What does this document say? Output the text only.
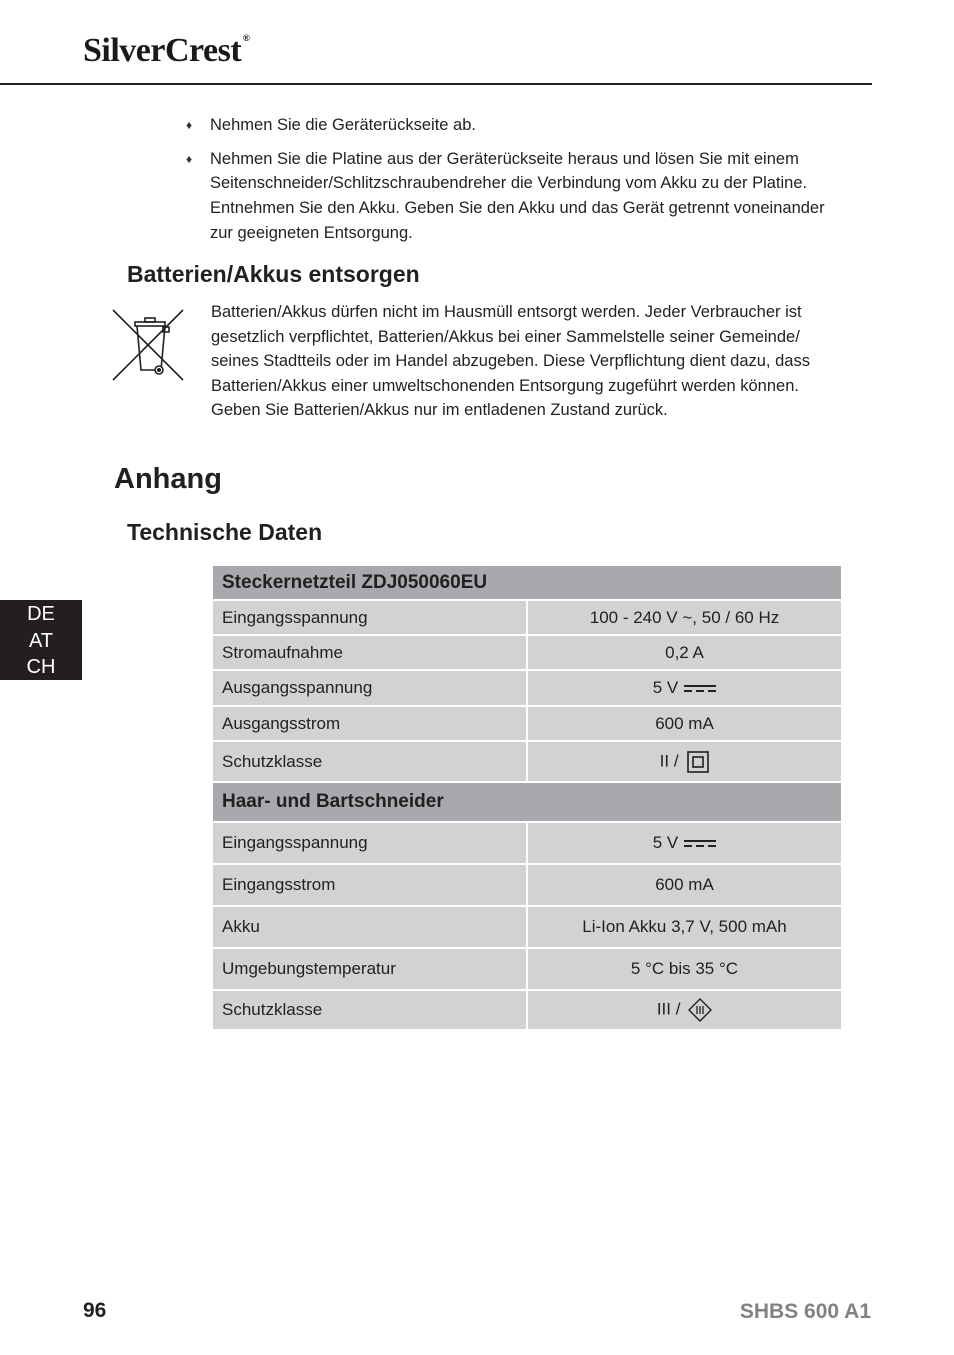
SilverCrest ®
♦ Nehmen Sie die Geräterückseite ab.
♦ Nehmen Sie die Platine aus der Geräterückseite heraus und lösen Sie mit einem Seitenschneider/Schlitzschraubendreher die Verbindung vom Akku zu der Platine. Entnehmen Sie den Akku. Geben Sie den Akku und das Gerät getrennt voneinander zur geeigneten Entsorgung.
Batterien/Akkus entsorgen
Batterien/Akkus dürfen nicht im Hausmüll entsorgt werden. Jeder Verbraucher ist gesetzlich verpflichtet, Batterien/Akkus bei einer Sammelstelle seiner Gemeinde/ seines Stadtteils oder im Handel abzugeben. Diese Verpflichtung dient dazu, dass Batterien/Akkus einer umweltschonenden Entsorgung zugeführt werden können. Geben Sie Batterien/Akkus nur im entladenen Zustand zurück.
Anhang
Technische Daten
DE
AT
CH
Steckernetzteil ZDJ050060EU	
Eingangsspannung	100 - 240 V ~, 50 / 60 Hz
Stromaufnahme	0,2 A
Ausgangsspannung	5 V
Ausgangsstrom	600 mA
Schutzklasse	II /
Haar- und Bartschneider	
Eingangsspannung	5 V
Eingangsstrom	600 mA
Akku	Li-Ion Akku 3,7 V, 500 mAh
Umgebungstemperatur	5 °C bis 35 °C
Schutzklasse	III /
96	SHBS 600 A1
